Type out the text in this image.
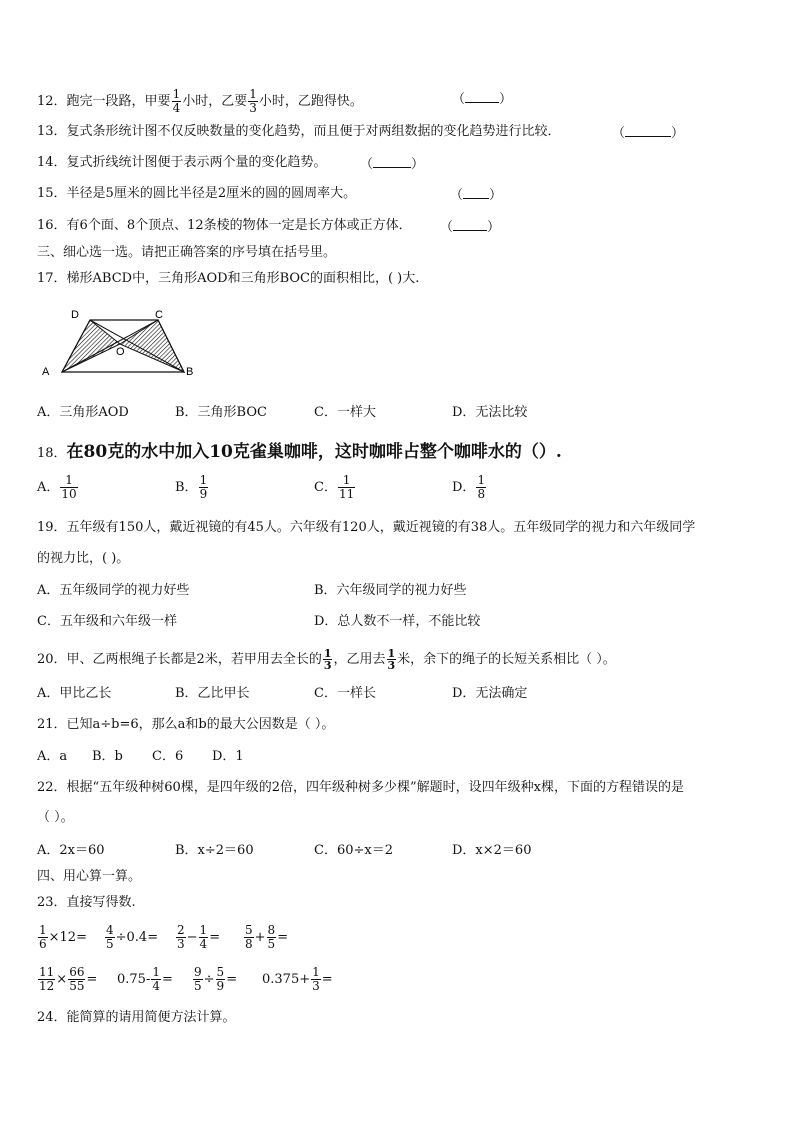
12．跑完一段路，甲要 $\frac{1}{4}$ 小时，乙要 $\frac{1}{3}$ 小时，乙跑得快。	（	）
13．复式条形统计图不仅反映数量的变化趋势，而且便于对两组数据的变化趋势进行比较．	（	）
14．复式折线统计图便于表示两个量的变化趋势。	（	）
15．半径是5厘米的圆比半径是2厘米的圆的圆周率大。	（ ）
16．有6个面、8个顶点、12条棱的物体一定是长方体或正方体． （	）
三、细心选一选。请把正确答案的序号填在括号里。
17．梯形ABCD中，三角形AOD和三角形BOC的面积相比，( )大.
D	C
O
A	B
A．三角形AOD	B．三角形BOC	C．一样大	D．无法比较
18．在80克的水中加入10克雀巢咖啡，这时咖啡占整个咖啡水的（）.
A． $\frac{1}{10}$	B． $\frac{1}{9}$	C． $\frac{1}{11}$	D． $\frac{1}{8}$
19．五年级有150人，戴近视镜的有45人。六年级有120人，戴近视镜的有38人。五年级同学的视力和六年级同学
的视力比，( )。
A．五年级同学的视力好些	B．六年级同学的视力好些
C．五年级和六年级一样	D．总人数不一样，不能比较
20．甲、乙两根绳子长都是2米，若甲用去全长的 $\frac{1}{3}$ ，乙用去 $\frac{1}{3}$ 米，余下的绳子的长短关系相比（ ）。
A．甲比乙长	B．乙比甲长	C．一样长	D．无法确定
21．已知a÷b=6，那么a和b的最大公因数是（ ）。
A．a B．b C．6 D．1
22．根据“五年级种树60棵，是四年级的2倍，四年级种树多少棵”解题时，设四年级种x棵，下面的方程错误的是
（ ）。
A．2x＝60	B．x÷2＝60	C．60÷x＝2	D．x×2＝60
四、用心算一算。
23．直接写得数.
$\frac{1}{6} \times 12= \frac{4}{5} \div 0.4= \frac{2}{3} - \frac{1}{4} = \frac{5}{8} + \frac{8}{5}$ =
$\frac{11}{12} \times \frac{66}{55} = 0.75- \frac{1}{4} = \frac{9}{5} \div \frac{5}{9} = 0.375+ \frac{1}{3}$ =
24．能简算的请用简便方法计算。
